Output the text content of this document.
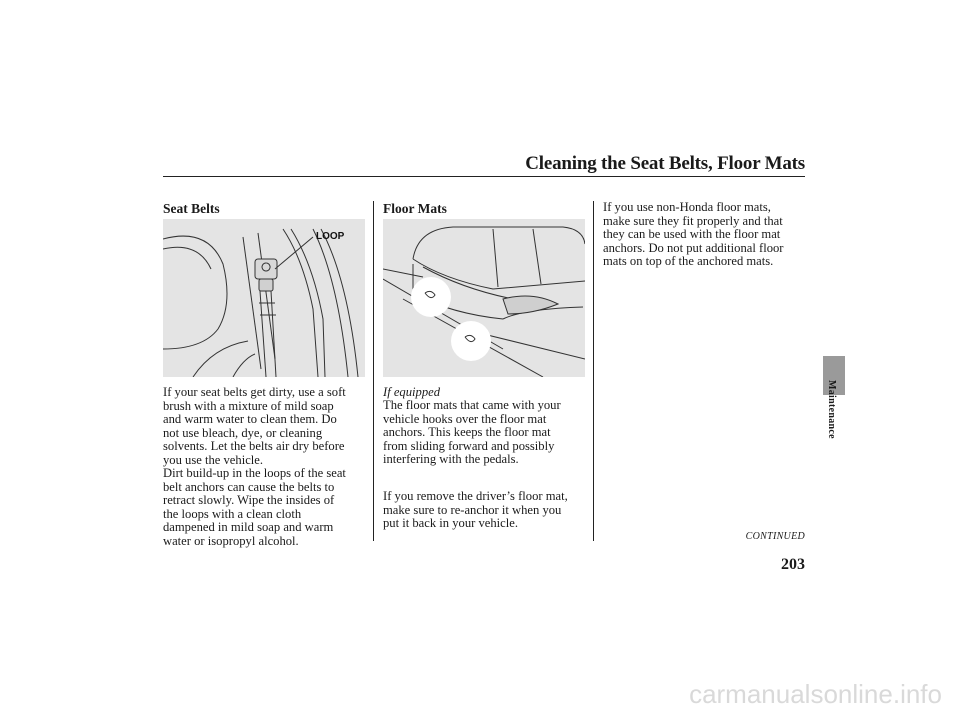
Cleaning the Seat Belts, Floor Mats
Seat Belts	Floor Mats
LOOP
If your seat belts get dirty, use a soft
brush with a mixture of mild soap
and warm water to clean them. Do
not use bleach, dye, or cleaning
solvents. Let the belts air dry before
you use the vehicle.
Dirt build-up in the loops of the seat
belt anchors can cause the belts to
retract slowly. Wipe the insides of
the loops with a clean cloth
dampened in mild soap and warm
water or isopropyl alcohol.
If equipped
The floor mats that came with your
vehicle hooks over the floor mat
anchors. This keeps the floor mat
from sliding forward and possibly
interfering with the pedals.
If you remove the driver’s floor mat,
make sure to re-anchor it when you
put it back in your vehicle.
If you use non-Honda floor mats,
make sure they fit properly and that
they can be used with the floor mat
anchors. Do not put additional floor
mats on top of the anchored mats.
CONTINUED
203
Maintenance
carmanualsonline.info
